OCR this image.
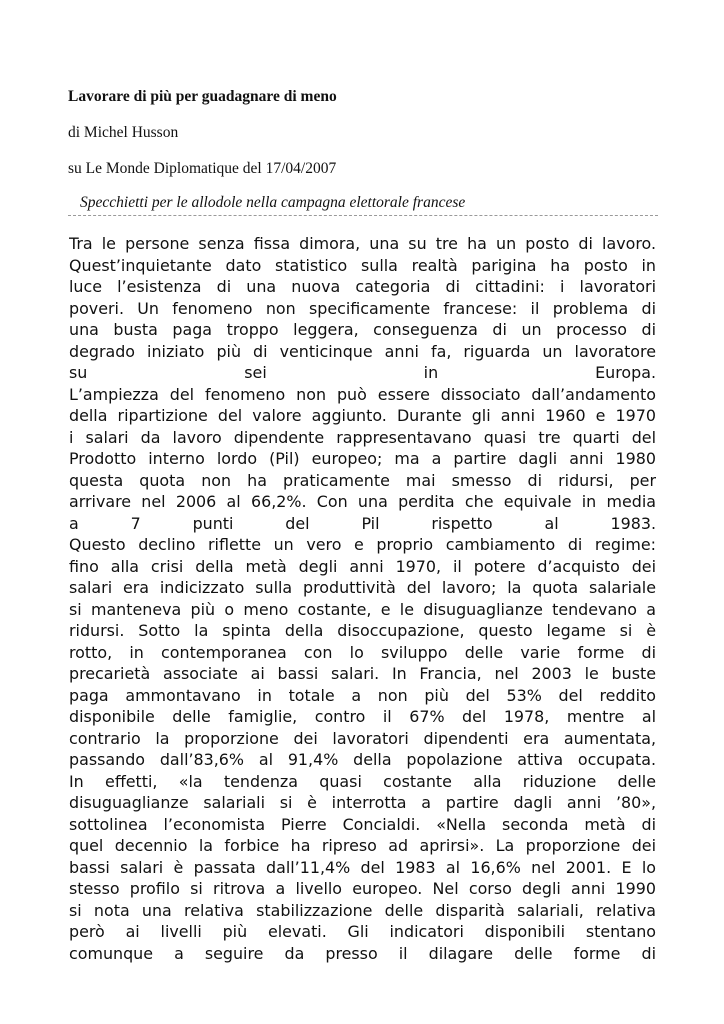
Lavorare di più per guadagnare di meno

di Michel Husson

su Le Monde Diplomatique del 17/04/2007

Specchietti per le allodole nella campagna elettorale francese

Tra le persone senza fissa dimora, una su tre ha un posto di lavoro.
Quest’inquietante dato statistico sulla realtà parigina ha posto in
luce l’esistenza di una nuova categoria di cittadini: i lavoratori
poveri. Un fenomeno non specificamente francese: il problema di
una busta paga troppo leggera, conseguenza di un processo di
degrado iniziato più di venticinque anni fa, riguarda un lavoratore
su sei in Europa.
L’ampiezza del fenomeno non può essere dissociato dall’andamento
della ripartizione del valore aggiunto. Durante gli anni 1960 e 1970
i salari da lavoro dipendente rappresentavano quasi tre quarti del
Prodotto interno lordo (Pil) europeo; ma a partire dagli anni 1980
questa quota non ha praticamente mai smesso di ridursi, per
arrivare nel 2006 al 66,2%. Con una perdita che equivale in media
a 7 punti del Pil rispetto al 1983.
Questo declino riflette un vero e proprio cambiamento di regime:
fino alla crisi della metà degli anni 1970, il potere d’acquisto dei
salari era indicizzato sulla produttività del lavoro; la quota salariale
si manteneva più o meno costante, e le disuguaglianze tendevano a
ridursi. Sotto la spinta della disoccupazione, questo legame si è
rotto, in contemporanea con lo sviluppo delle varie forme di
precarietà associate ai bassi salari. In Francia, nel 2003 le buste
paga ammontavano in totale a non più del 53% del reddito
disponibile delle famiglie, contro il 67% del 1978, mentre al
contrario la proporzione dei lavoratori dipendenti era aumentata,
passando dall’83,6% al 91,4% della popolazione attiva occupata.
In effetti, «la tendenza quasi costante alla riduzione delle
disuguaglianze salariali si è interrotta a partire dagli anni ’80»,
sottolinea l’economista Pierre Concialdi. «Nella seconda metà di
quel decennio la forbice ha ripreso ad aprirsi». La proporzione dei
bassi salari è passata dall’11,4% del 1983 al 16,6% nel 2001. E lo
stesso profilo si ritrova a livello europeo. Nel corso degli anni 1990
si nota una relativa stabilizzazione delle disparità salariali, relativa
però ai livelli più elevati. Gli indicatori disponibili stentano
comunque a seguire da presso il dilagare delle forme di
